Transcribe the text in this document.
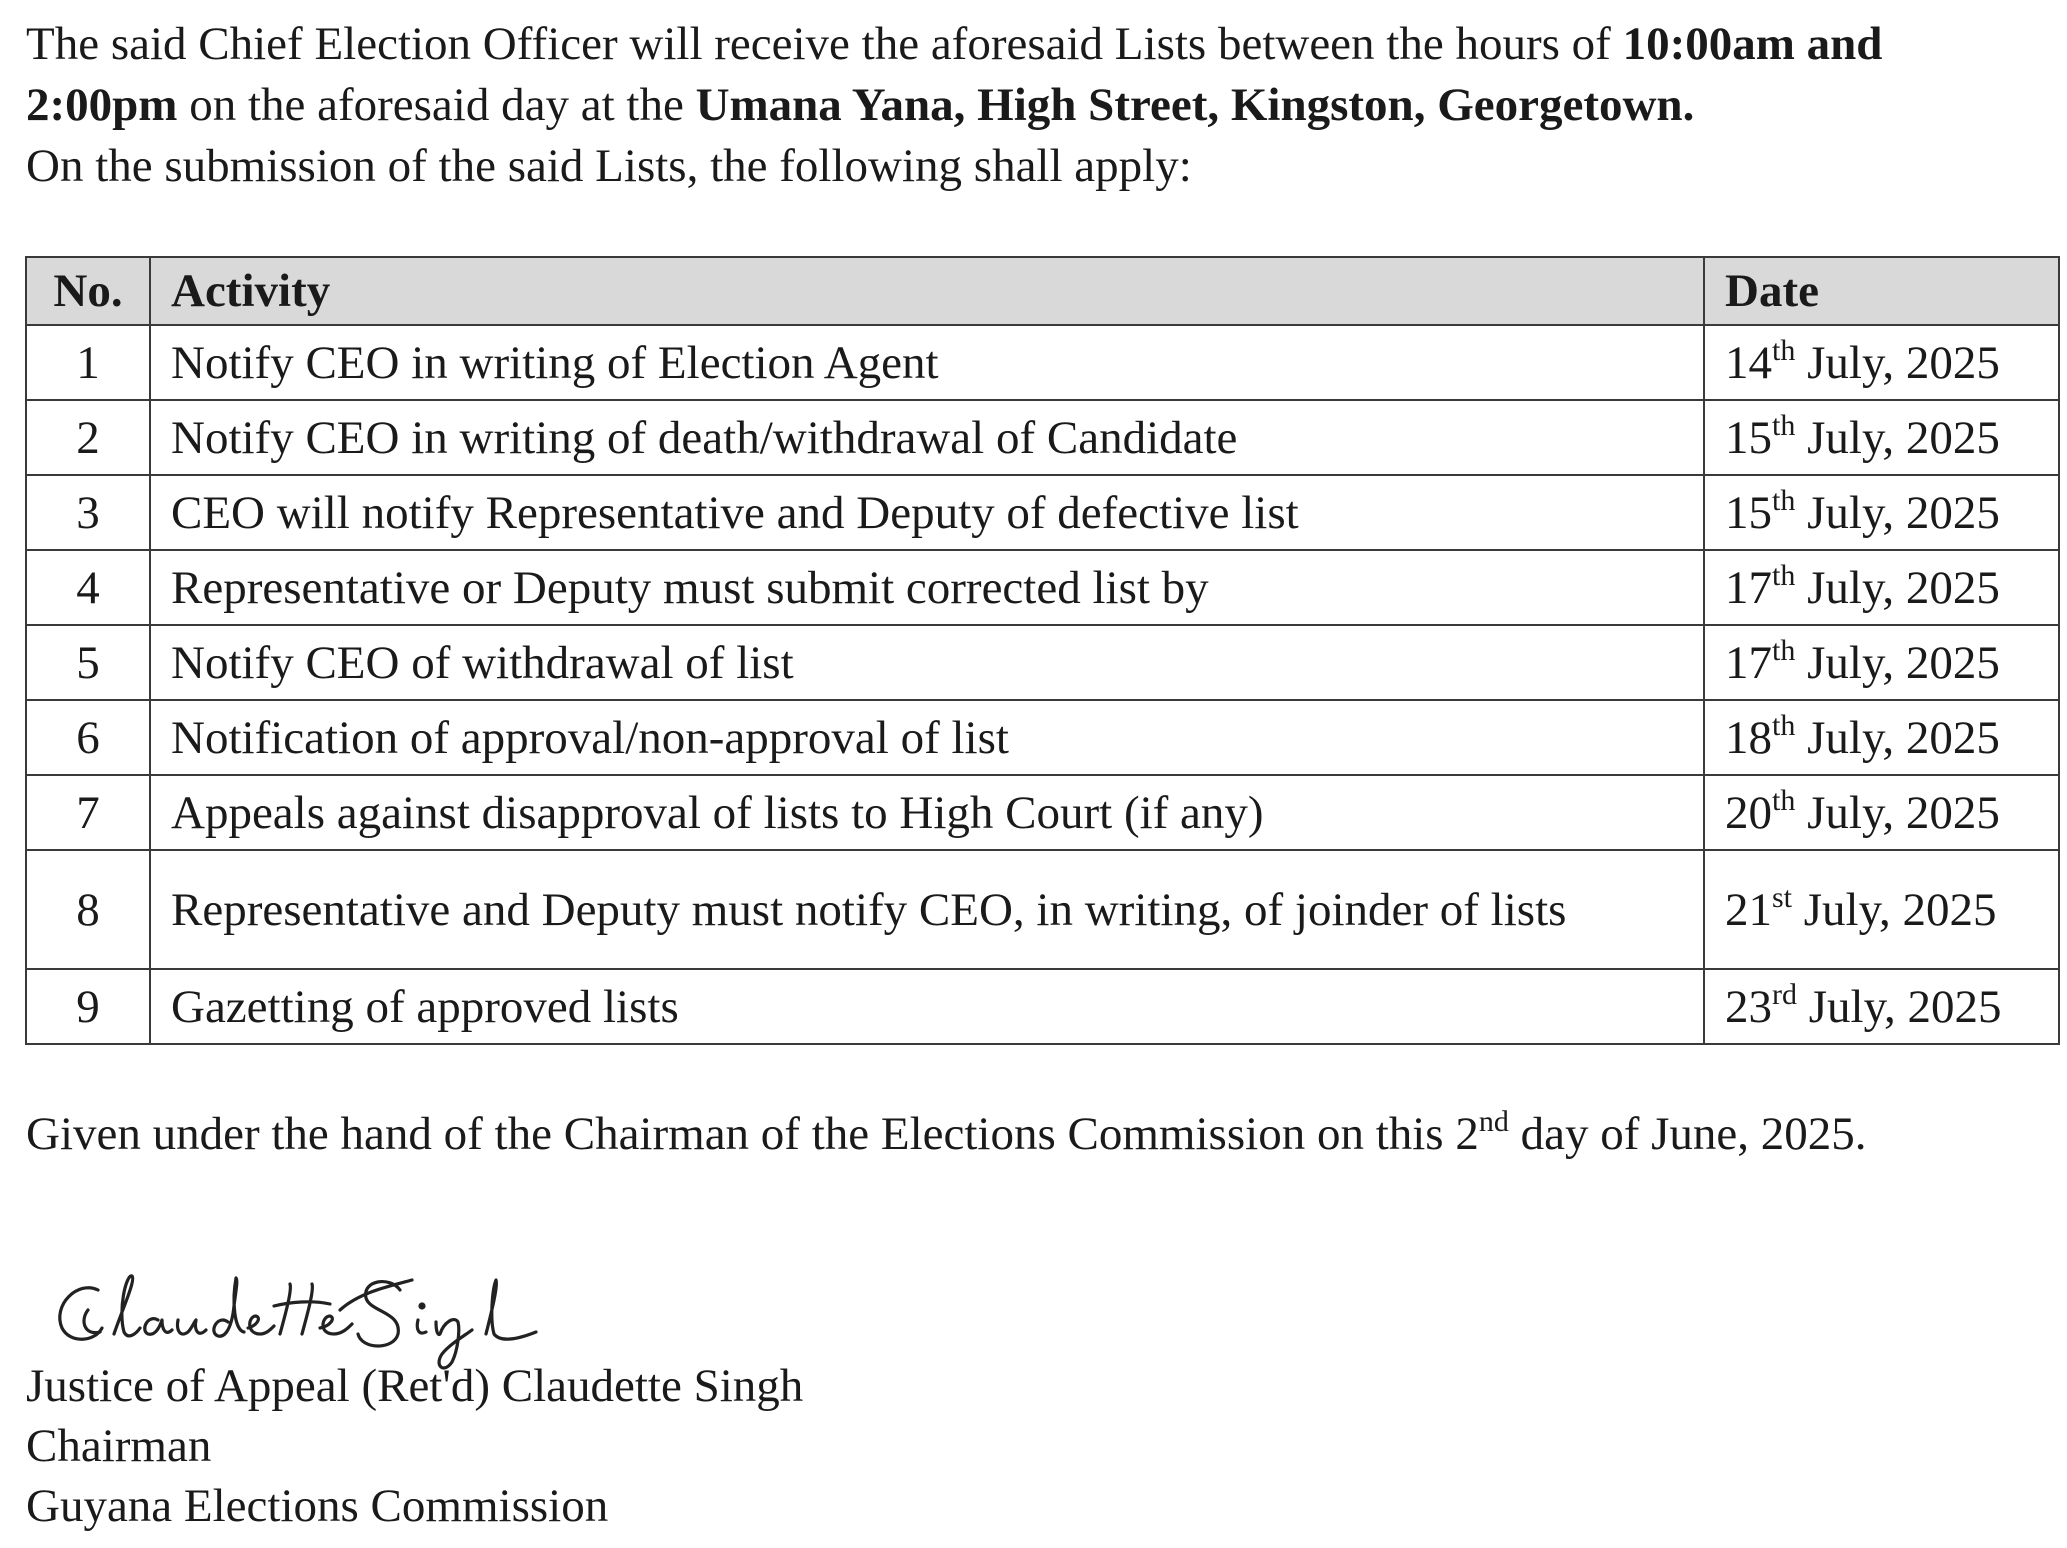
The said Chief Election Officer will receive the aforesaid Lists between the hours of 10:00am and
2:00pm on the aforesaid day at the Umana Yana, High Street, Kingston, Georgetown.
On the submission of the said Lists, the following shall apply:
No.	Activity	Date
1	Notify CEO in writing of Election Agent	14th July, 2025
2	Notify CEO in writing of death/withdrawal of Candidate	15th July, 2025
3	CEO will notify Representative and Deputy of defective list	15th July, 2025
4	Representative or Deputy must submit corrected list by	17th July, 2025
5	Notify CEO of withdrawal of list	17th July, 2025
6	Notification of approval/non-approval of list	18th July, 2025
7	Appeals against disapproval of lists to High Court (if any)	20th July, 2025
8	Representative and Deputy must notify CEO, in writing, of joinder of lists	21st July, 2025
9	Gazetting of approved lists	23rd July, 2025
Given under the hand of the Chairman of the Elections Commission on this 2nd day of June, 2025.
Justice of Appeal (Ret'd) Claudette Singh
Chairman
Guyana Elections Commission
